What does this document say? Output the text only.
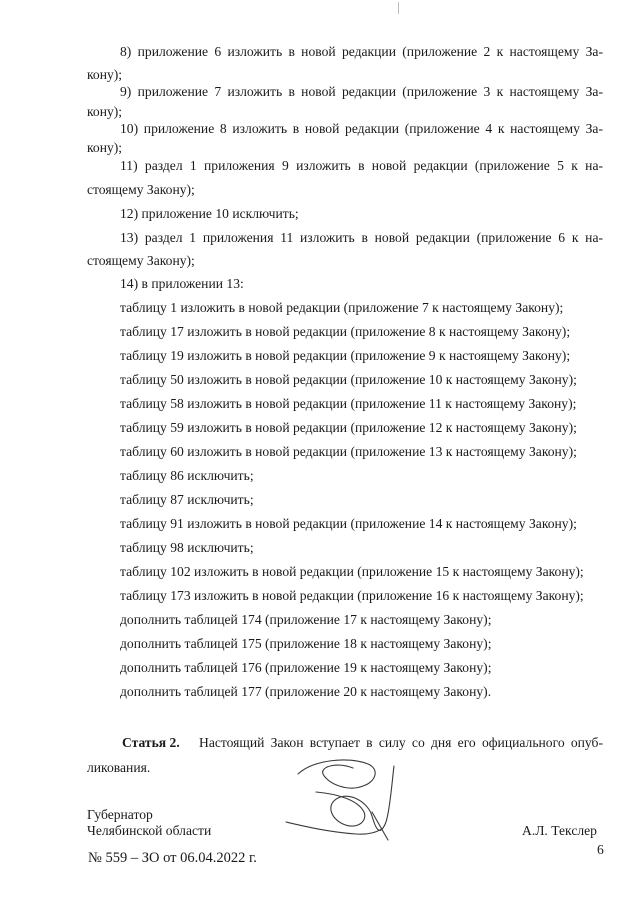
8) приложение 6 изложить в новой редакции (приложение 2 к настоящему За-
кону);
9) приложение 7 изложить в новой редакции (приложение 3 к настоящему За-
кону);
10) приложение 8 изложить в новой редакции (приложение 4 к настоящему За-
кону);
11) раздел 1 приложения 9 изложить в новой редакции (приложение 5 к на-
стоящему Закону);
12) приложение 10 исключить;
13) раздел 1 приложения 11 изложить в новой редакции (приложение 6 к на-
стоящему Закону);
14) в приложении 13:
таблицу 1 изложить в новой редакции (приложение 7 к настоящему Закону);
таблицу 17 изложить в новой редакции (приложение 8 к настоящему Закону);
таблицу 19 изложить в новой редакции (приложение 9 к настоящему Закону);
таблицу 50 изложить в новой редакции (приложение 10 к настоящему Закону);
таблицу 58 изложить в новой редакции (приложение 11 к настоящему Закону);
таблицу 59 изложить в новой редакции (приложение 12 к настоящему Закону);
таблицу 60 изложить в новой редакции (приложение 13 к настоящему Закону);
таблицу 86 исключить;
таблицу 87 исключить;
таблицу 91 изложить в новой редакции (приложение 14 к настоящему Закону);
таблицу 98 исключить;
таблицу 102 изложить в новой редакции (приложение 15 к настоящему Закону);
таблицу 173 изложить в новой редакции (приложение 16 к настоящему Закону);
дополнить таблицей 174 (приложение 17 к настоящему Закону);
дополнить таблицей 175 (приложение 18 к настоящему Закону);
дополнить таблицей 176 (приложение 19 к настоящему Закону);
дополнить таблицей 177 (приложение 20 к настоящему Закону).
Статья 2. Настоящий Закон вступает в силу со дня его официального опуб-
ликования.
Губернатор
Челябинской области	А.Л. Текслер
6
№ 559 – ЗО от 06.04.2022 г.
